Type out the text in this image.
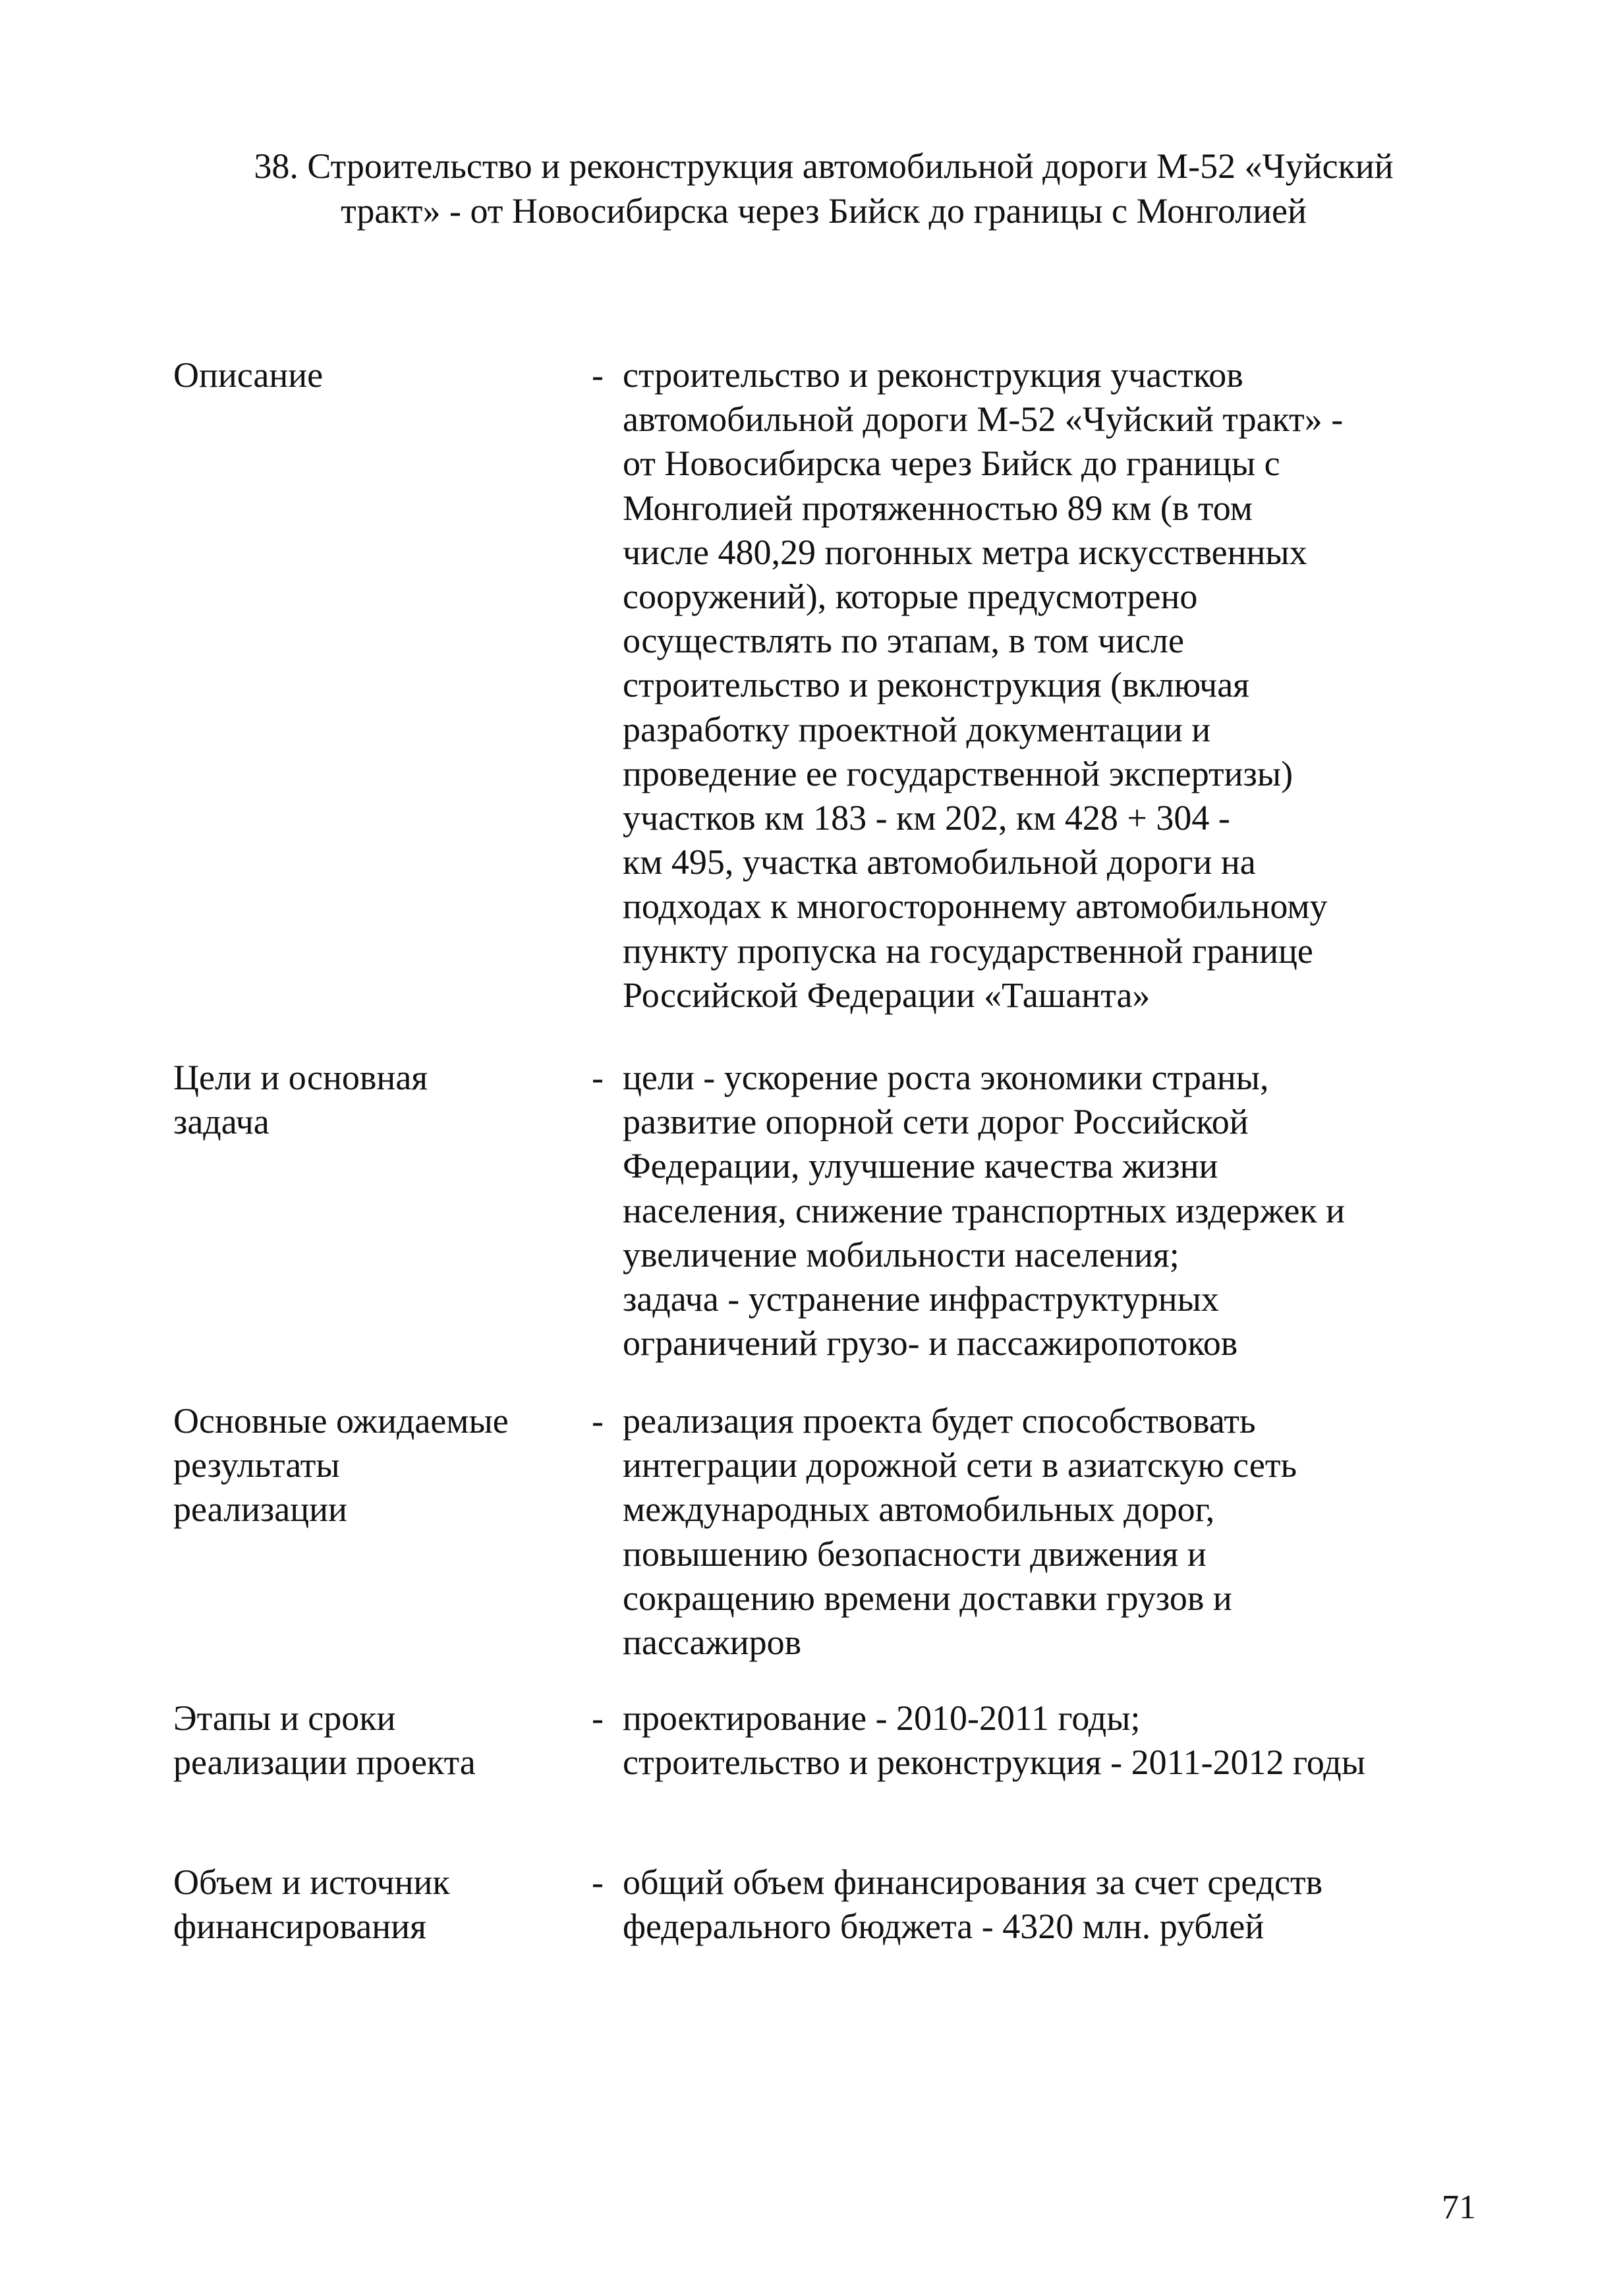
38. Строительство и реконструкция автомобильной дороги М-52 «Чуйский
тракт» - от Новосибирска через Бийск до границы с Монголией
Описание	- строительство и реконструкция участков
автомобильной дороги М-52 «Чуйский тракт» -
от Новосибирска через Бийск до границы с
Монголией протяженностью 89 км (в том
числе 480,29 погонных метра искусственных
сооружений), которые предусмотрено
осуществлять по этапам, в том числе
строительство и реконструкция (включая
разработку проектной документации и
проведение ее государственной экспертизы)
участков км 183 - км 202, км 428 + 304 -
км 495, участка автомобильной дороги на
подходах к многостороннему автомобильному
пункту пропуска на государственной границе
Российской Федерации «Ташанта»
Цели и основная
задача
- цели - ускорение роста экономики страны,
развитие опорной сети дорог Российской
Федерации, улучшение качества жизни
населения, снижение транспортных издержек и
увеличение мобильности населения;
задача - устранение инфраструктурных
ограничений грузо- и пассажиропотоков
Основные ожидаемые
результаты
реализации
- реализация проекта будет способствовать
интеграции дорожной сети в азиатскую сеть
международных автомобильных дорог,
повышению безопасности движения и
сокращению времени доставки грузов и
пассажиров
Этапы и сроки
реализации проекта
- проектирование - 2010-2011 годы;
строительство и реконструкция - 2011-2012 годы
Объем и источник
финансирования
- общий объем финансирования за счет средств
федерального бюджета - 4320 млн. рублей
71
